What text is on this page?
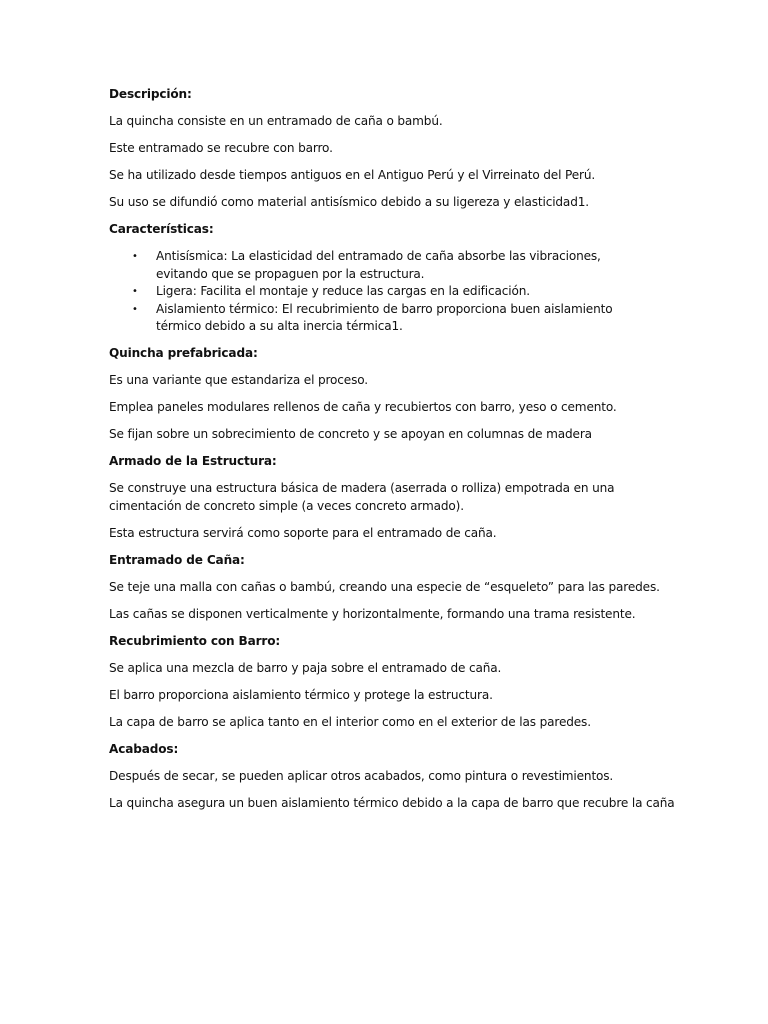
Descripción:
La quincha consiste en un entramado de caña o bambú.
Este entramado se recubre con barro.
Se ha utilizado desde tiempos antiguos en el Antiguo Perú y el Virreinato del Perú.
Su uso se difundió como material antisísmico debido a su ligereza y elasticidad1.
Características:
• Antisísmica: La elasticidad del entramado de caña absorbe las vibraciones, evitando que se propaguen por la estructura.
• Ligera: Facilita el montaje y reduce las cargas en la edificación.
• Aislamiento térmico: El recubrimiento de barro proporciona buen aislamiento térmico debido a su alta inercia térmica1.
Quincha prefabricada:
Es una variante que estandariza el proceso.
Emplea paneles modulares rellenos de caña y recubiertos con barro, yeso o cemento.
Se fijan sobre un sobrecimiento de concreto y se apoyan en columnas de madera
Armado de la Estructura:
Se construye una estructura básica de madera (aserrada o rolliza) empotrada en una cimentación de concreto simple (a veces concreto armado).
Esta estructura servirá como soporte para el entramado de caña.
Entramado de Caña:
Se teje una malla con cañas o bambú, creando una especie de “esqueleto” para las paredes.
Las cañas se disponen verticalmente y horizontalmente, formando una trama resistente.
Recubrimiento con Barro:
Se aplica una mezcla de barro y paja sobre el entramado de caña.
El barro proporciona aislamiento térmico y protege la estructura.
La capa de barro se aplica tanto en el interior como en el exterior de las paredes.
Acabados:
Después de secar, se pueden aplicar otros acabados, como pintura o revestimientos.
La quincha asegura un buen aislamiento térmico debido a la capa de barro que recubre la caña
